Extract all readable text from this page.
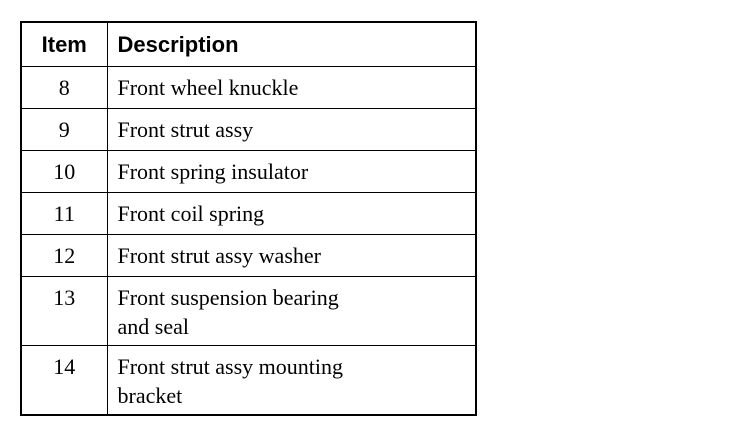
Item	Description
8	Front wheel knuckle
9	Front strut assy
10	Front spring insulator
11	Front coil spring
12	Front strut assy washer
13	Front suspension bearing
and seal
14	Front strut assy mounting
bracket
